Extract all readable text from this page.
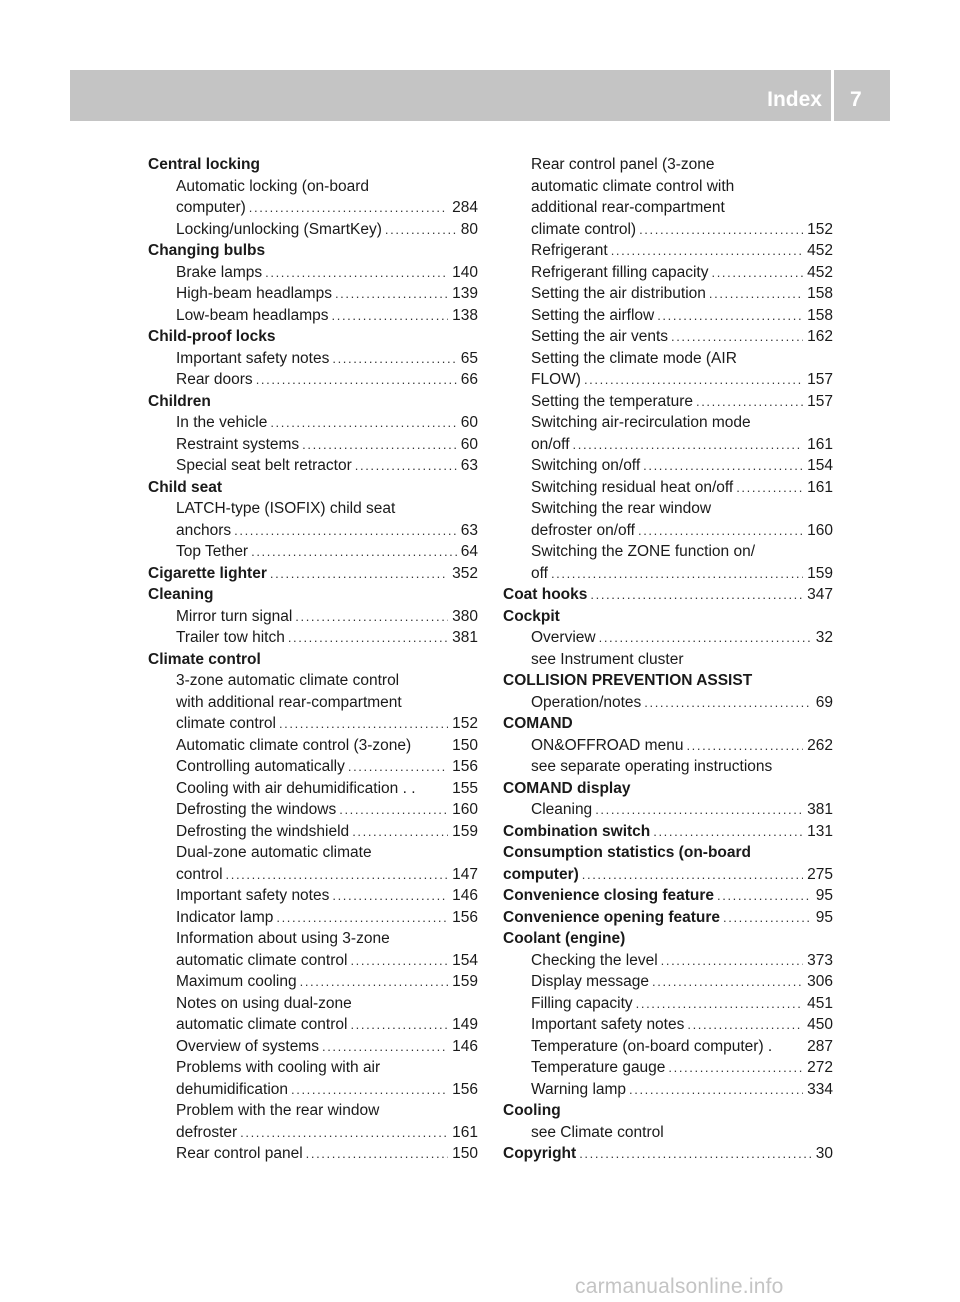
Index 7
Central locking
Automatic locking (on-board
computer) .....	284
Locking/unlocking (SmartKey) .....	80
Changing bulbs
Brake lamps .....	140
High-beam headlamps .....	139
Low-beam headlamps .....	138
Child-proof locks
Important safety notes .....	65
Rear doors .....	66
Children
In the vehicle .....	60
Restraint systems .....	60
Special seat belt retractor .....	63
Child seat
LATCH-type (ISOFIX) child seat
anchors .....	63
Top Tether .....	64
Cigarette lighter .....	352
Cleaning
Mirror turn signal .....	380
Trailer tow hitch .....	381
Climate control
3-zone automatic climate control
with additional rear-compartment
climate control .....	152
Automatic climate control (3-zone)	150
Controlling automatically .....	156
Cooling with air dehumidification . . 155
Defrosting the windows .....	160
Defrosting the windshield .....	159
Dual-zone automatic climate
control .....	147
Important safety notes .....	146
Indicator lamp .....	156
Information about using 3-zone
automatic climate control .....	154
Maximum cooling .....	159
Notes on using dual-zone
automatic climate control .....	149
Overview of systems .....	146
Problems with cooling with air
dehumidification .....	156
Problem with the rear window
defroster .....	161
Rear control panel .....	150
Rear control panel (3-zone
automatic climate control with
additional rear-compartment
climate control) .....	152
Refrigerant .....	452
Refrigerant filling capacity .....	452
Setting the air distribution .....	158
Setting the airflow .....	158
Setting the air vents .....	162
Setting the climate mode (AIR
FLOW) .....	157
Setting the temperature .....	157
Switching air-recirculation mode
on/off .....	161
Switching on/off .....	154
Switching residual heat on/off .....	161
Switching the rear window
defroster on/off .....	160
Switching the ZONE function on/
off .....	159
Coat hooks .....	347
Cockpit
Overview .....	32
see Instrument cluster
COLLISION PREVENTION ASSIST
Operation/notes .....	69
COMAND
ON&OFFROAD menu .....	262
see separate operating instructions
COMAND display
Cleaning .....	381
Combination switch .....	131
Consumption statistics (on-board
computer) .....	275
Convenience closing feature .....	95
Convenience opening feature .....	95
Coolant (engine)
Checking the level .....	373
Display message .....	306
Filling capacity .....	451
Important safety notes .....	450
Temperature (on-board computer) . 287
Temperature gauge .....	272
Warning lamp .....	334
Cooling
see Climate control
Copyright .....	30
carmanualsonline.info
